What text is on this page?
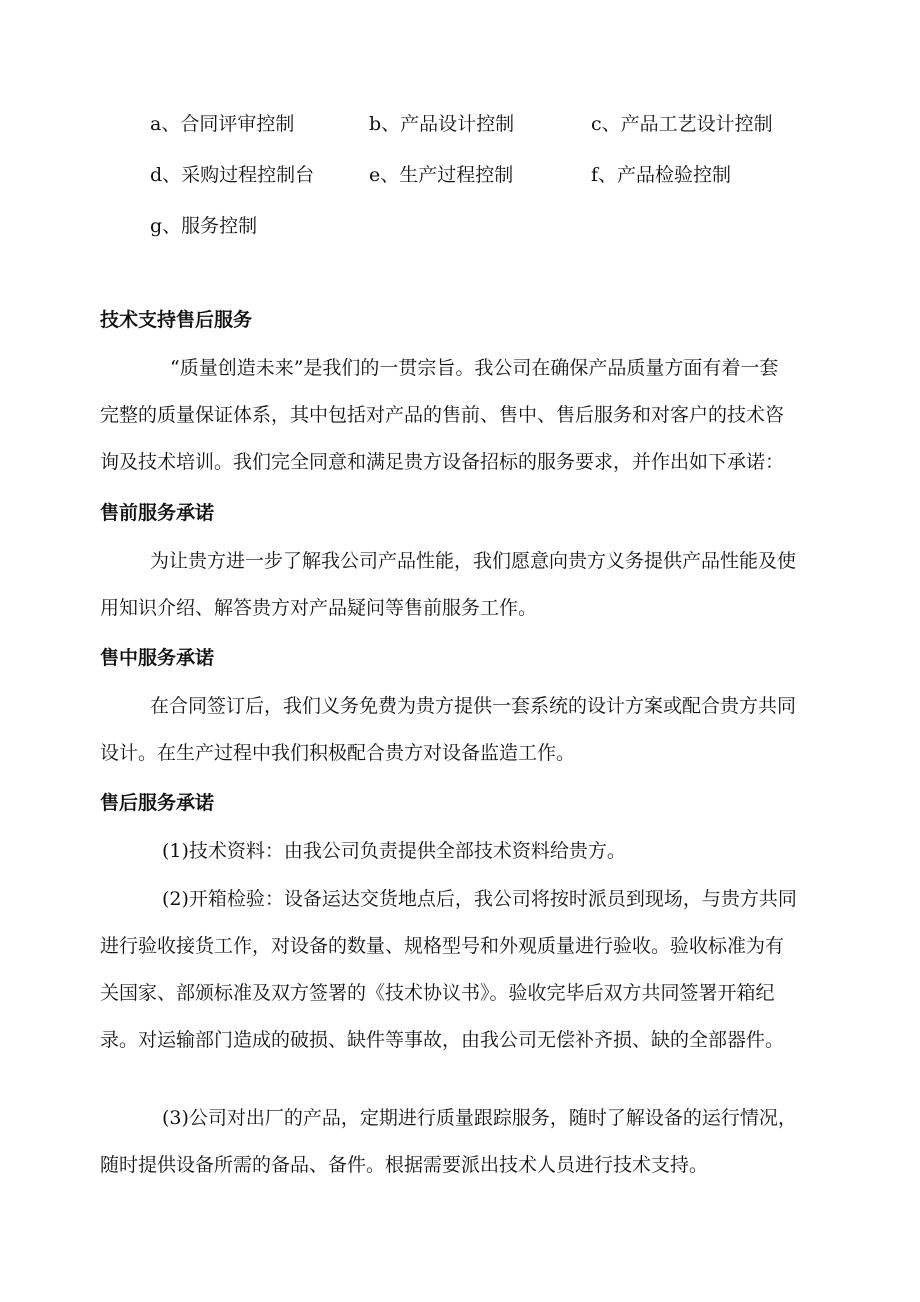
a、合同评审控制	b、产品设计控制	c、产品工艺设计控制
d、采购过程控制台	e、生产过程控制	f、产品检验控制
g、服务控制
技术支持售后服务
“质量创造未来”是我们的一贯宗旨。我公司在确保产品质量方面有着一套
完整的质量保证体系，其中包括对产品的售前、售中、售后服务和对客户的技术咨
询及技术培训。我们完全同意和满足贵方设备招标的服务要求，并作出如下承诺：
售前服务承诺
为让贵方进一步了解我公司产品性能，我们愿意向贵方义务提供产品性能及使
用知识介绍、解答贵方对产品疑问等售前服务工作。
售中服务承诺
在合同签订后，我们义务免费为贵方提供一套系统的设计方案或配合贵方共同
设计。在生产过程中我们积极配合贵方对设备监造工作。
售后服务承诺
(1)技术资料：由我公司负责提供全部技术资料给贵方。
(2)开箱检验：设备运达交货地点后，我公司将按时派员到现场，与贵方共同
进行验收接货工作，对设备的数量、规格型号和外观质量进行验收。验收标准为有
关国家、部颁标准及双方签署的《技术协议书》。验收完毕后双方共同签署开箱纪
录。对运输部门造成的破损、缺件等事故，由我公司无偿补齐损、缺的全部器件。
(3)公司对出厂的产品，定期进行质量跟踪服务，随时了解设备的运行情况，
随时提供设备所需的备品、备件。根据需要派出技术人员进行技术支持。
